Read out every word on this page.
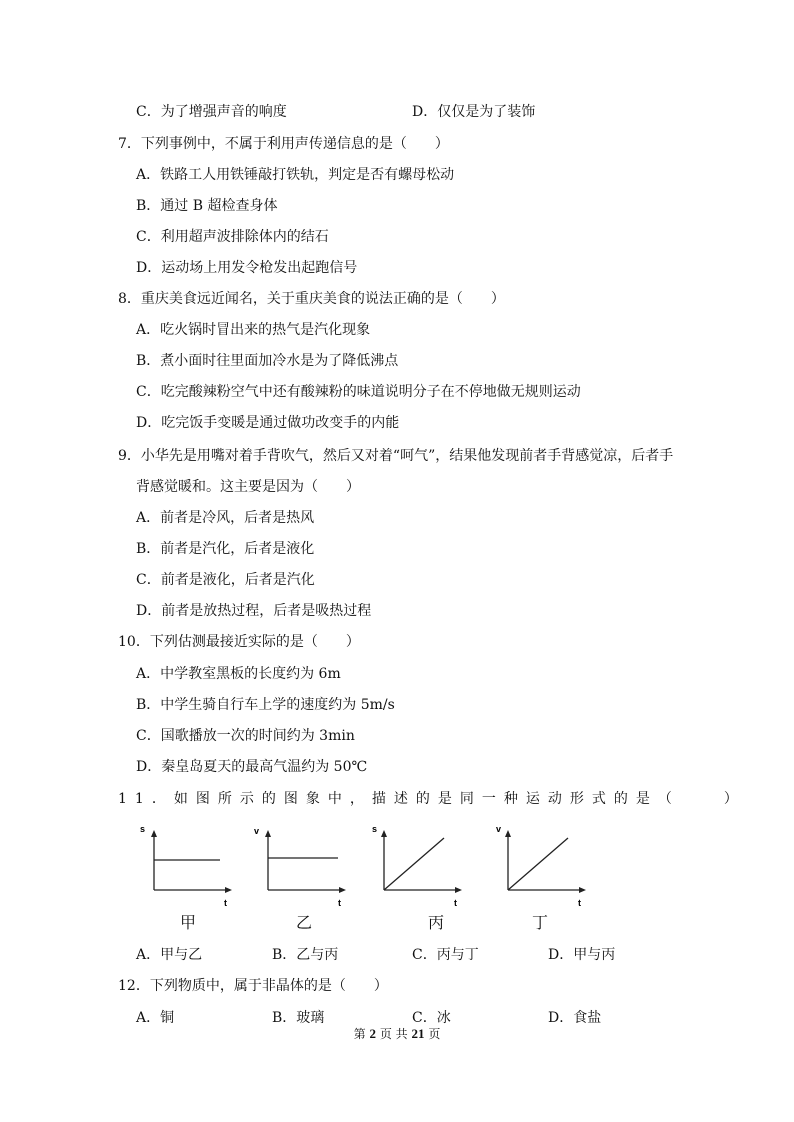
C．为了增强声音的响度	D．仅仅是为了装饰
7．下列事例中，不属于利用声传递信息的是（　　）
A．铁路工人用铁锤敲打铁轨，判定是否有螺母松动
B．通过 B 超检查身体
C．利用超声波排除体内的结石
D．运动场上用发令枪发出起跑信号
8．重庆美食远近闻名，关于重庆美食的说法正确的是（　　）
A．吃火锅时冒出来的热气是汽化现象
B．煮小面时往里面加冷水是为了降低沸点
C．吃完酸辣粉空气中还有酸辣粉的味道说明分子在不停地做无规则运动
D．吃完饭手变暖是通过做功改变手的内能
9．小华先是用嘴对着手背吹气，然后又对着“呵气”，结果他发现前者手背感觉凉，后者手
背感觉暖和。这主要是因为（　　）
A．前者是冷风，后者是热风
B．前者是汽化，后者是液化
C．前者是液化，后者是汽化
D．前者是放热过程，后者是吸热过程
10．下列估测最接近实际的是（　　）
A．中学教室黑板的长度约为 6m
B．中学生骑自行车上学的速度约为 5m/s
C．国歌播放一次的时间约为 3min
D．秦皇岛夏天的最高气温约为 50℃
11．如图所示的图象中，描述的是同一种运动形式的是（　　）
s
t
v
t
s
t
v
t
甲	乙	丙	丁
A．甲与乙	B．乙与丙	C．丙与丁	D．甲与丙
12．下列物质中，属于非晶体的是（　　）
A．铜	B．玻璃	C．冰	D．食盐
第 2 页 共 21 页
